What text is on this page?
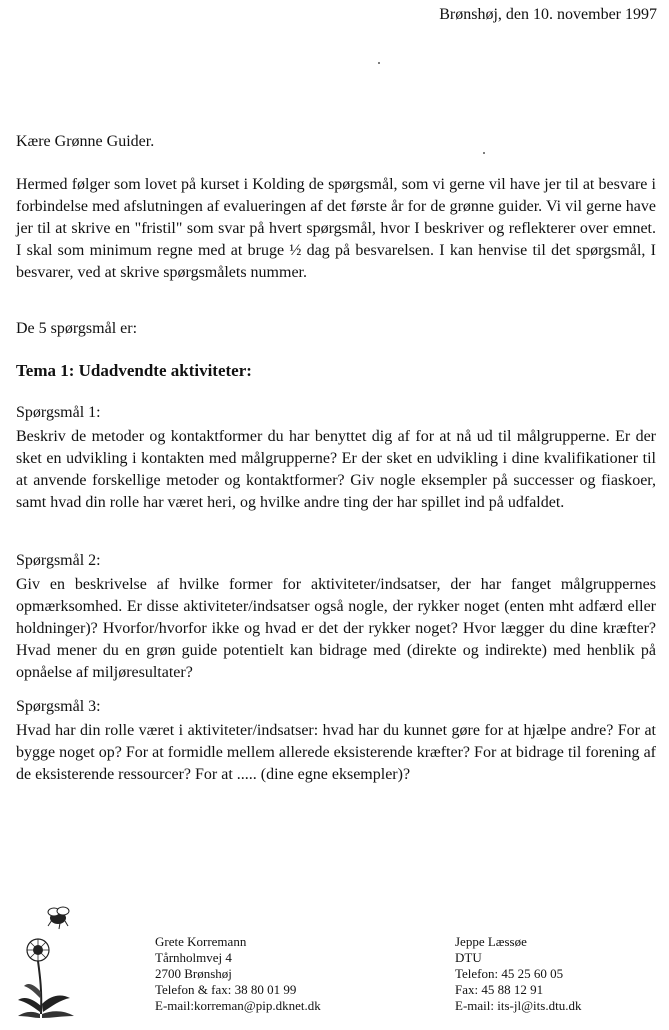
Brønshøj, den 10. november 1997
Kære Grønne Guider.

Hermed følger som lovet på kurset i Kolding de spørgsmål, som vi gerne vil have jer til at besvare i forbindelse med afslutningen af evalueringen af det første år for de grønne guider. Vi vil gerne have jer til at skrive en "fristil" som svar på hvert spørgsmål, hvor I beskriver og reflekterer over emnet. I skal som minimum regne med at bruge ½ dag på besvarelsen. I kan henvise til det spørgsmål, I besvarer, ved at skrive spørgsmålets nummer.

De 5 spørgsmål er:
Tema 1: Udadvendte aktiviteter:
Spørgsmål 1:

Beskriv de metoder og kontaktformer du har benyttet dig af for at nå ud til målgrupperne. Er der sket en udvikling i kontakten med målgrupperne? Er der sket en udvikling i dine kvalifikationer til at anvende forskellige metoder og kontaktformer? Giv nogle eksempler på successer og fiaskoer, samt hvad din rolle har været heri, og hvilke andre ting der har spillet ind på udfaldet.

Spørgsmål 2:

Giv en beskrivelse af hvilke former for aktiviteter/indsatser, der har fanget målgruppernes opmærksomhed. Er disse aktiviteter/indsatser også nogle, der rykker noget (enten mht adfærd eller holdninger)? Hvorfor/hvorfor ikke og hvad er det der rykker noget? Hvor lægger du dine kræfter? Hvad mener du en grøn guide potentielt kan bidrage med (direkte og indirekte) med henblik på opnåelse af miljøresultater?

Spørgsmål 3:

Hvad har din rolle været i aktiviteter/indsatser: hvad har du kunnet gøre for at hjælpe andre? For at bygge noget op? For at formidle mellem allerede eksisterende kræfter? For at bidrage til forening af de eksisterende ressourcer? For at ..... (dine egne eksempler)?

Grete Korremann
Tårnholmvej 4
2700 Brønshøj
Telefon & fax: 38 80 01 99
E-mail:korreman@pip.dknet.dk
Jeppe Læssøe
DTU
Telefon: 45 25 60 05
Fax: 45 88 12 91
E-mail: its-jl@its.dtu.dk
